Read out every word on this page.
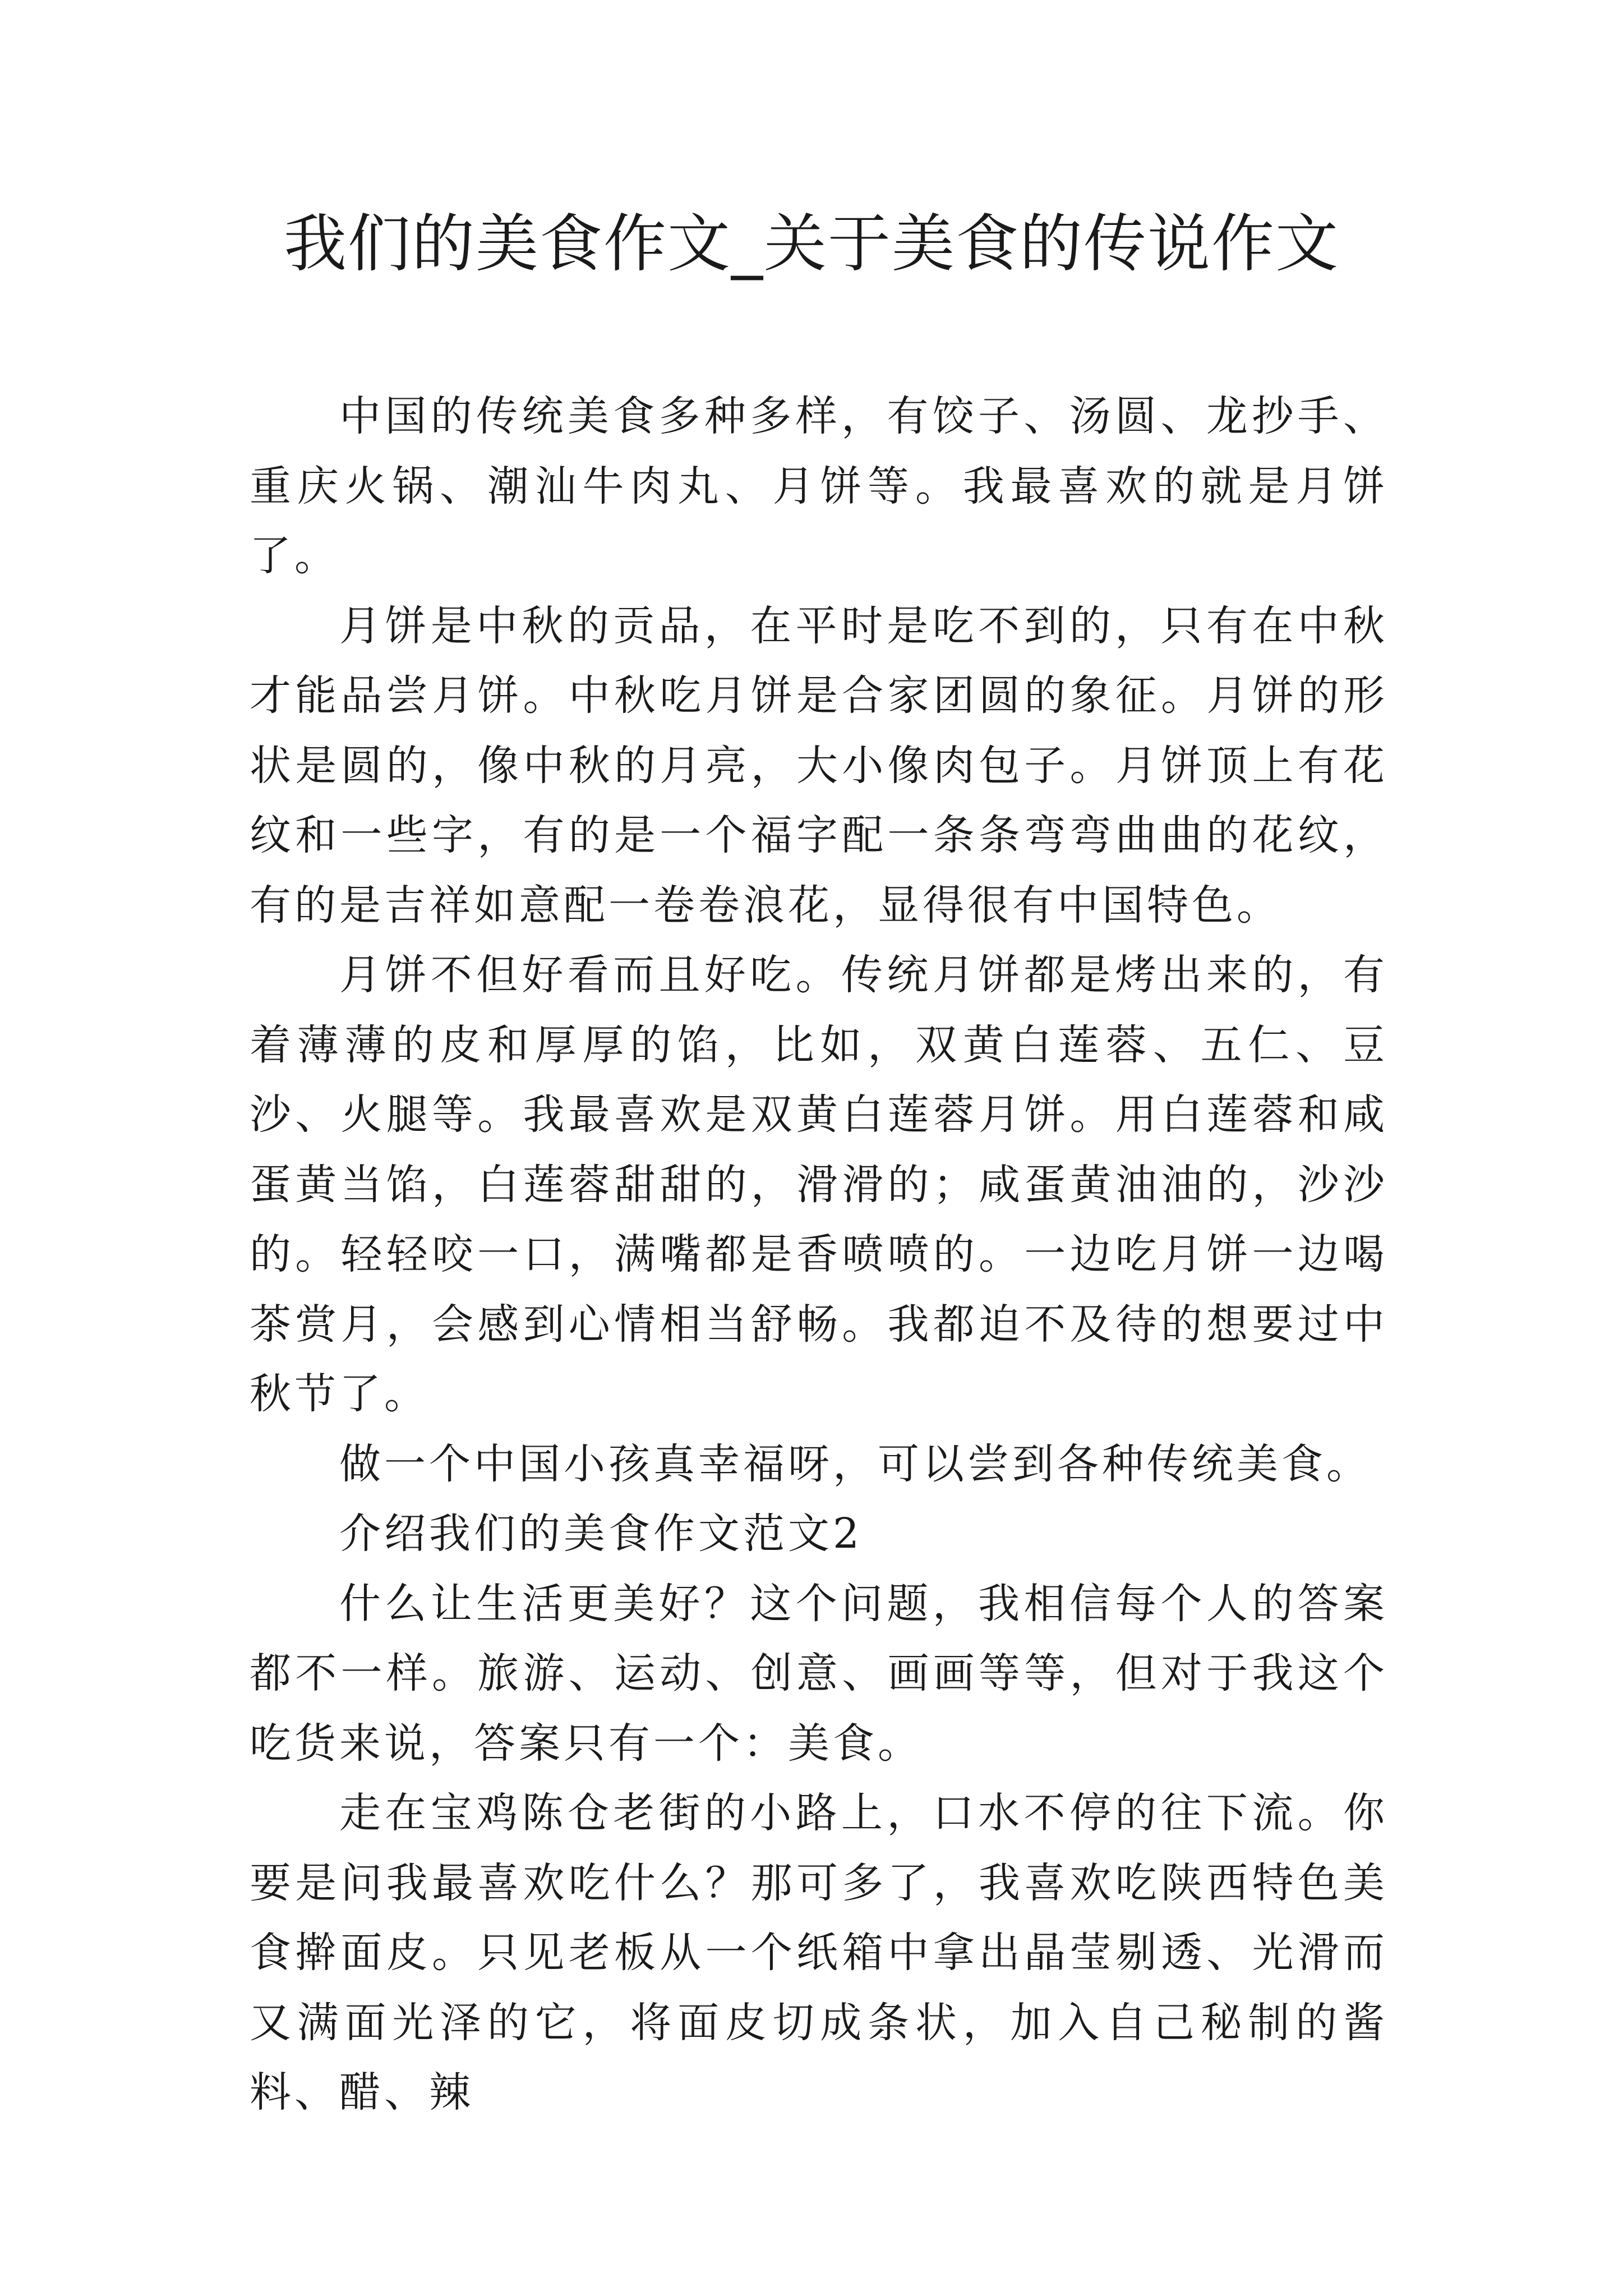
我们的美食作文_关于美食的传说作文

中国的传统美食多种多样，有饺子、汤圆、龙抄手、重庆火锅、潮汕牛肉丸、月饼等。我最喜欢的就是月饼了。

月饼是中秋的贡品，在平时是吃不到的，只有在中秋才能品尝月饼。中秋吃月饼是合家团圆的象征。月饼的形状是圆的，像中秋的月亮，大小像肉包子。月饼顶上有花纹和一些字，有的是一个福字配一条条弯弯曲曲的花纹，有的是吉祥如意配一卷卷浪花，显得很有中国特色。

月饼不但好看而且好吃。传统月饼都是烤出来的，有着薄薄的皮和厚厚的馅，比如，双黄白莲蓉、五仁、豆沙、火腿等。我最喜欢是双黄白莲蓉月饼。用白莲蓉和咸蛋黄当馅，白莲蓉甜甜的，滑滑的；咸蛋黄油油的，沙沙的。轻轻咬一口，满嘴都是香喷喷的。一边吃月饼一边喝茶赏月，会感到心情相当舒畅。我都迫不及待的想要过中秋节了。

做一个中国小孩真幸福呀，可以尝到各种传统美食。

介绍我们的美食作文范文2

什么让生活更美好？这个问题，我相信每个人的答案都不一样。旅游、运动、创意、画画等等，但对于我这个吃货来说，答案只有一个：美食。

走在宝鸡陈仓老街的小路上，口水不停的往下流。你要是问我最喜欢吃什么？那可多了，我喜欢吃陕西特色美食擀面皮。只见老板从一个纸箱中拿出晶莹剔透、光滑而又满面光泽的它，将面皮切成条状，加入自己秘制的酱料、醋、辣
